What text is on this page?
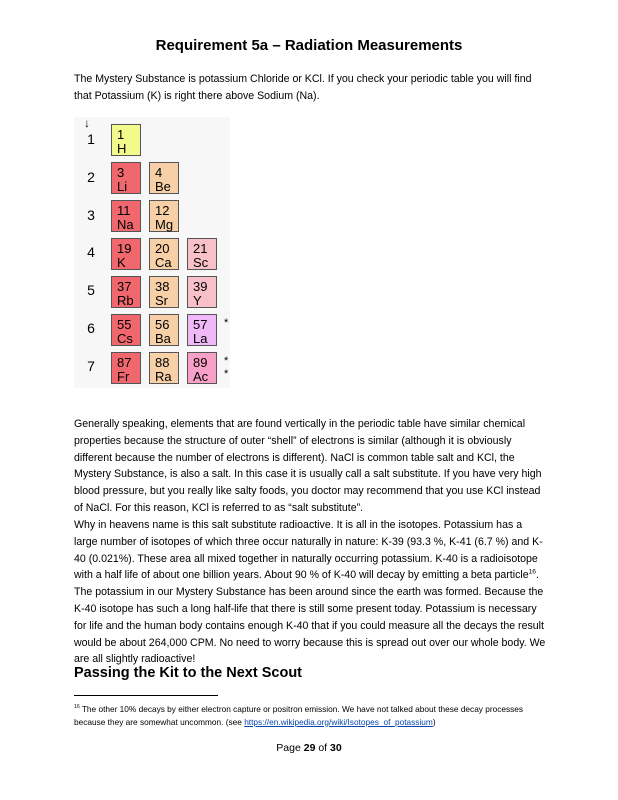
Requirement 5a – Radiation Measurements
The Mystery Substance is potassium Chloride or KCl. If you check your periodic table you will find that Potassium (K) is right there above Sodium (Na).
↓
1
2
3
4
5
6
7
1
H
3
Li
4
Be
11
Na
12
Mg
19
K
20
Ca
21
Sc
37
Rb
38
Sr
39
Y
55
Cs
56
Ba
57
La
87
Fr
88
Ra
89
Ac
*
*
*
Generally speaking, elements that are found vertically in the periodic table have similar chemical properties because the structure of outer “shell” of electrons is similar (although it is obviously different because the number of electrons is different). NaCl is common table salt and KCl, the Mystery Substance, is also a salt. In this case it is usually call a salt substitute. If you have very high blood pressure, but you really like salty foods, you doctor may recommend that you use KCl instead of NaCl. For this reason, KCl is referred to as “salt substitute”.
Why in heavens name is this salt substitute radioactive. It is all in the isotopes. Potassium has a large number of isotopes of which three occur naturally in nature: K-39 (93.3 %, K-41 (6.7 %) and K-40 (0.021%). These area all mixed together in naturally occurring potassium. K-40 is a radioisotope with a half life of about one billion years. About 90 % of K-40 will decay by emitting a beta particle$^{16}$. The potassium in our Mystery Substance has been around since the earth was formed. Because the K-40 isotope has such a long half-life that there is still some present today. Potassium is necessary for life and the human body contains enough K-40 that if you could measure all the decays the result would be about 264,000 CPM. No need to worry because this is spread out over our whole body. We are all slightly radioactive!
Passing the Kit to the Next Scout
$^{16}$ The other 10% decays by either electron capture or positron emission. We have not talked about these decay processes because they are somewhat uncommon. (see https://en.wikipedia.org/wiki/Isotopes_of_potassium)
Page 29 of 30
